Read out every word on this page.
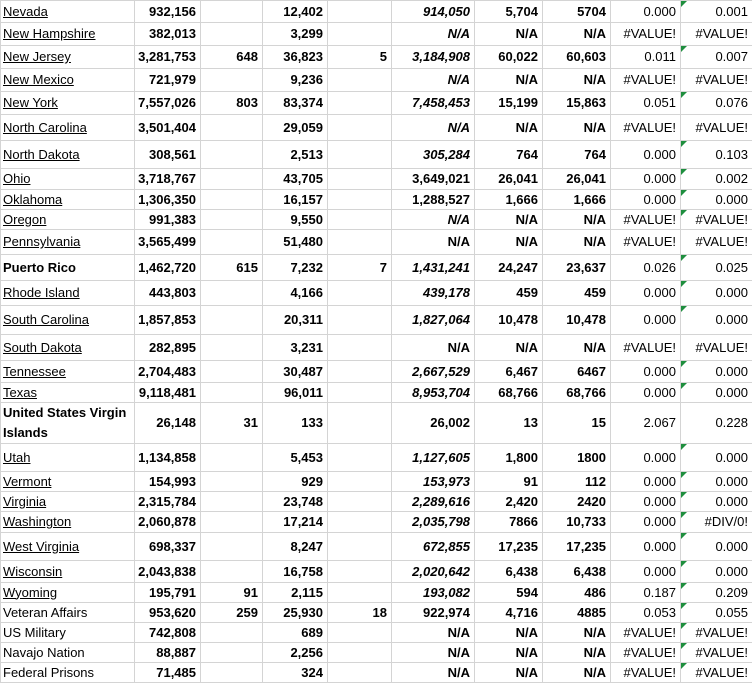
Nevada	932,156		12,402		914,050	5,704	5704	0.000	0.001
New Hampshire	382,013		3,299		N/A	N/A	N/A	#VALUE!	#VALUE!
New Jersey	3,281,753	648	36,823	5	3,184,908	60,022	60,603	0.011	0.007
New Mexico	721,979		9,236		N/A	N/A	N/A	#VALUE!	#VALUE!
New York	7,557,026	803	83,374		7,458,453	15,199	15,863	0.051	0.076
North Carolina	3,501,404		29,059		N/A	N/A	N/A	#VALUE!	#VALUE!
North Dakota	308,561		2,513		305,284	764	764	0.000	0.103
Ohio	3,718,767		43,705		3,649,021	26,041	26,041	0.000	0.002
Oklahoma	1,306,350		16,157		1,288,527	1,666	1,666	0.000	0.000
Oregon	991,383		9,550		N/A	N/A	N/A	#VALUE!	#VALUE!
Pennsylvania	3,565,499		51,480		N/A	N/A	N/A	#VALUE!	#VALUE!
Puerto Rico	1,462,720	615	7,232	7	1,431,241	24,247	23,637	0.026	0.025
Rhode Island	443,803		4,166		439,178	459	459	0.000	0.000
South Carolina	1,857,853		20,311		1,827,064	10,478	10,478	0.000	0.000
South Dakota	282,895		3,231		N/A	N/A	N/A	#VALUE!	#VALUE!
Tennessee	2,704,483		30,487		2,667,529	6,467	6467	0.000	0.000
Texas	9,118,481		96,011		8,953,704	68,766	68,766	0.000	0.000
United States Virgin Islands	26,148	31	133		26,002	13	15	2.067	0.228
Utah	1,134,858		5,453		1,127,605	1,800	1800	0.000	0.000
Vermont	154,993		929		153,973	91	112	0.000	0.000
Virginia	2,315,784		23,748		2,289,616	2,420	2420	0.000	0.000
Washington	2,060,878		17,214		2,035,798	7866	10,733	0.000	#DIV/0!
West Virginia	698,337		8,247		672,855	17,235	17,235	0.000	0.000
Wisconsin	2,043,838		16,758		2,020,642	6,438	6,438	0.000	0.000
Wyoming	195,791	91	2,115		193,082	594	486	0.187	0.209
Veteran Affairs	953,620	259	25,930	18	922,974	4,716	4885	0.053	0.055
US Military	742,808		689		N/A	N/A	N/A	#VALUE!	#VALUE!
Navajo Nation	88,887		2,256		N/A	N/A	N/A	#VALUE!	#VALUE!
Federal Prisons	71,485		324		N/A	N/A	N/A	#VALUE!	#VALUE!
